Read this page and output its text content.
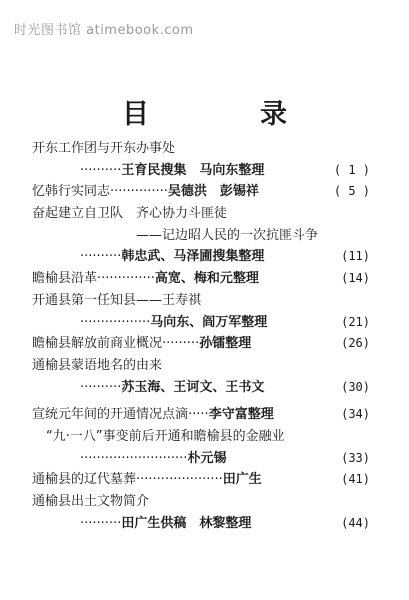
时光图书馆 atimebook.com
目　录
开东工作团与开东办事处
··········王育民搜集　马向东整理	( 1 )
忆韩行实同志··············吴德洪　彭锡祥	( 5 )
奋起建立自卫队　齐心协力斗匪徒
——记边昭人民的一次抗匪斗争
··········韩忠武、马泽圃搜集整理	(11)
瞻榆县沿革··············高宽、梅和元整理	(14)
开通县第一任知县——王寿祺
·················马向东、阎万军整理	(21)
瞻榆县解放前商业概况·········孙镭整理	(26)
通榆县蒙语地名的由来
··········苏玉海、王诃文、王书文	(30)
宣统元年间的开通情况点滴·····李守富整理	(34)
“九·一八”事变前后开通和瞻榆县的金融业
··························朴元锡	(33)
通榆县的辽代墓葬·····················田广生	(41)
通榆县出土文物简介
··········田广生供稿　林黎整理	(44)
